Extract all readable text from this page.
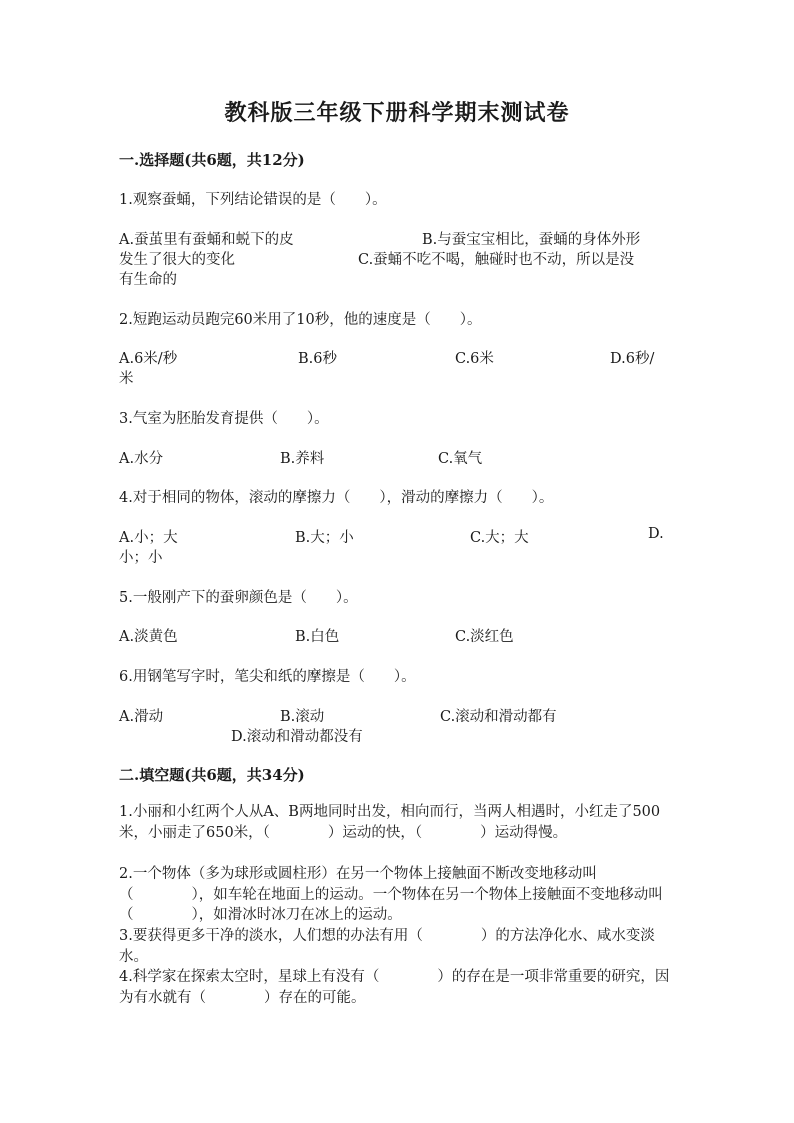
教科版三年级下册科学期末测试卷
一.选择题(共6题，共12分)
1.观察蚕蛹，下列结论错误的是（　　）。
A.蚕茧里有蚕蛹和蜕下的皮	B.与蚕宝宝相比，蚕蛹的身体外形
发生了很大的变化	C.蚕蛹不吃不喝，触碰时也不动，所以是没
有生命的
2.短跑运动员跑完60米用了10秒，他的速度是（　　）。
A.6米/秒	B.6秒	C.6米	D.6秒/
米
3.气室为胚胎发育提供（　　）。
A.水分	B.养料	C.氧气
4.对于相同的物体，滚动的摩擦力（　　），滑动的摩擦力（　　）。
A.小；大	B.大；小	C.大；大	D.
小；小
5.一般刚产下的蚕卵颜色是（　　）。
A.淡黄色	B.白色	C.淡红色
6.用钢笔写字时，笔尖和纸的摩擦是（　　）。
A.滑动	B.滚动	C.滚动和滑动都有
D.滚动和滑动都没有
二.填空题(共6题，共34分)
1.小丽和小红两个人从A、B两地同时出发，相向而行，当两人相遇时，小红走了500米，小丽走了650米，（　　　　）运动的快，（　　　　）运动得慢。
2.一个物体（多为球形或圆柱形）在另一个物体上接触面不断改变地移动叫（　　　　），如车轮在地面上的运动。一个物体在另一个物体上接触面不变地移动叫（　　　　），如滑冰时冰刀在冰上的运动。
3.要获得更多干净的淡水，人们想的办法有用（　　　　）的方法净化水、咸水变淡水。
4.科学家在探索太空时，星球上有没有（　　　　）的存在是一项非常重要的研究，因为有水就有（　　　　）存在的可能。
